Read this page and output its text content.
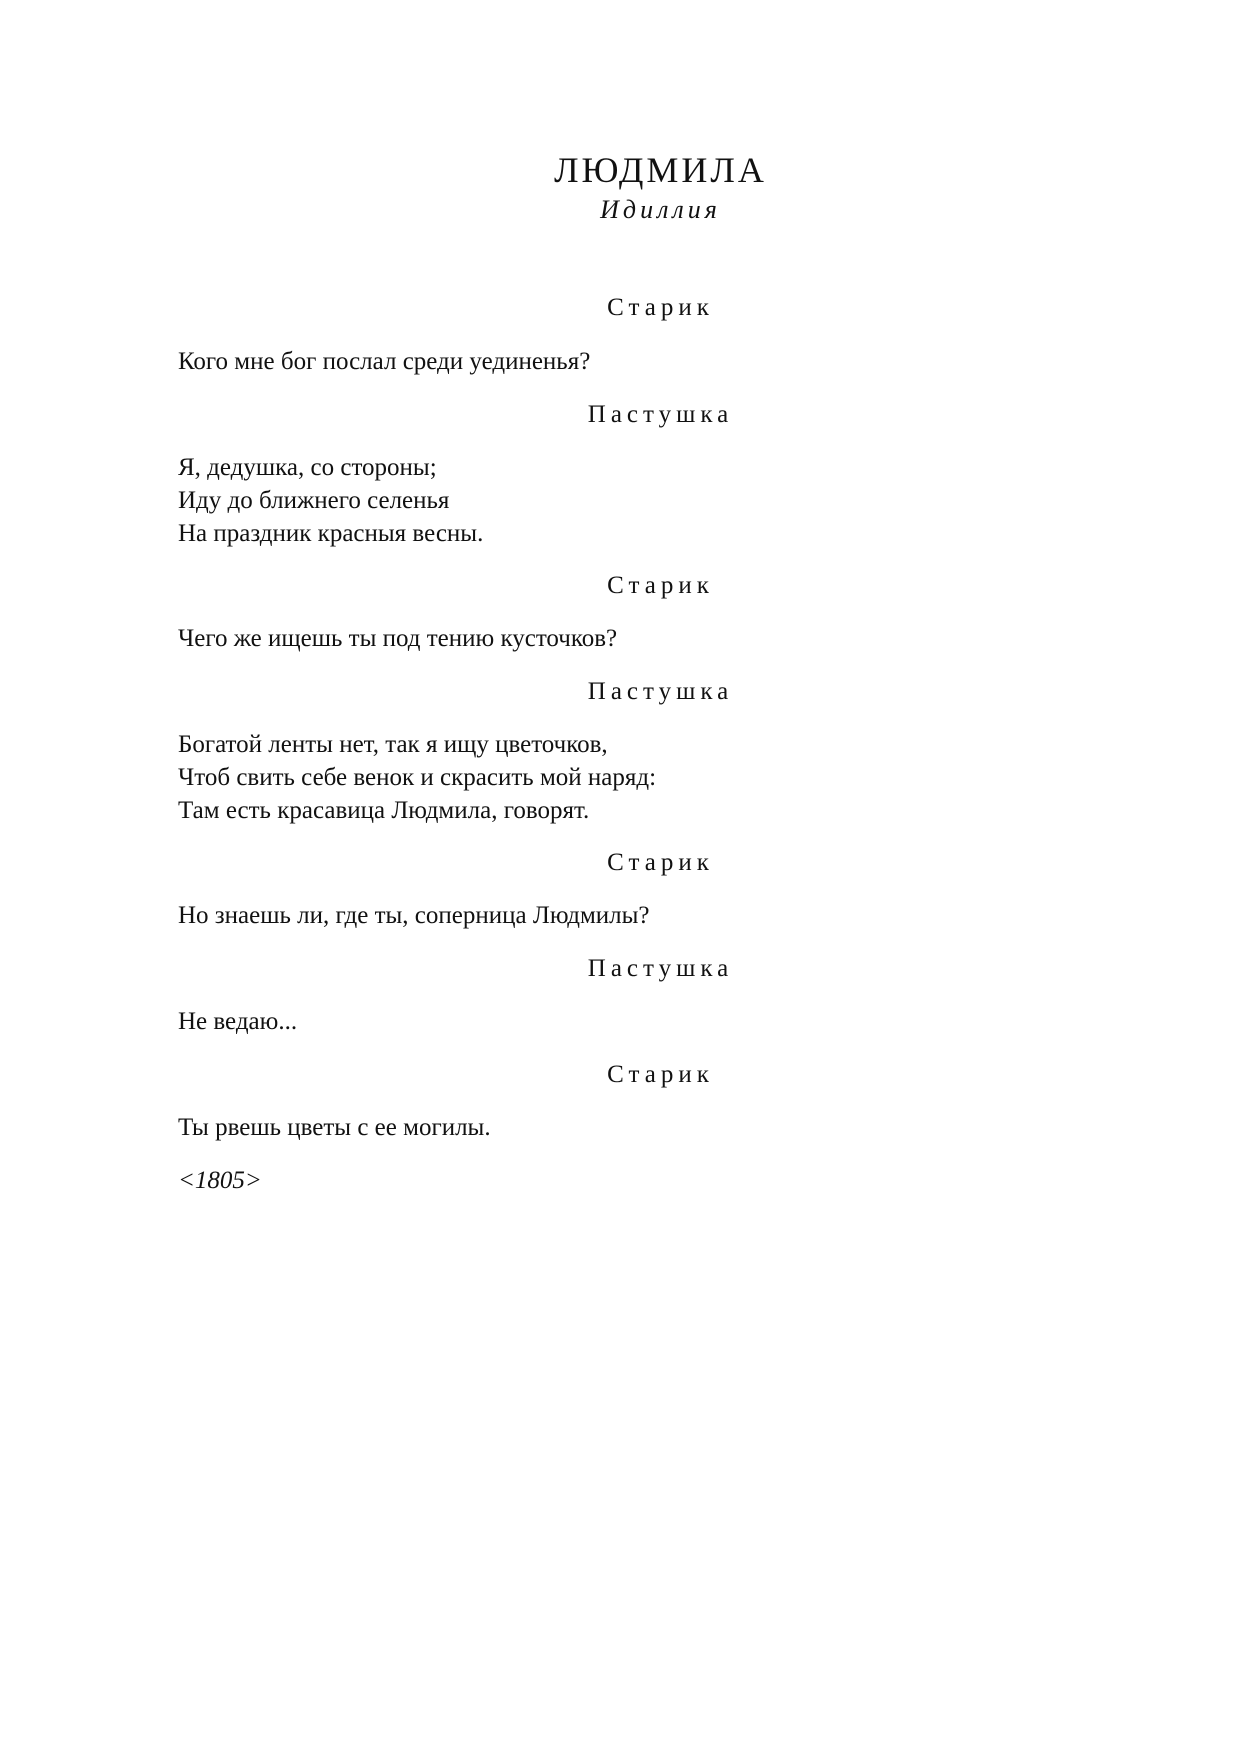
ЛЮДМИЛА
Идиллия
Старик
Кого мне бог послал среди уединенья?
Пастушка
Я, дедушка, со стороны;
Иду до ближнего селенья
На праздник красныя весны.
Старик
Чего же ищешь ты под тению кусточков?
Пастушка
Богатой ленты нет, так я ищу цветочков,
Чтоб свить себе венок и скрасить мой наряд:
Там есть красавица Людмила, говорят.
Старик
Но знаешь ли, где ты, соперница Людмилы?
Пастушка
Не ведаю...
Старик
Ты рвешь цветы с ее могилы.
<1805>
